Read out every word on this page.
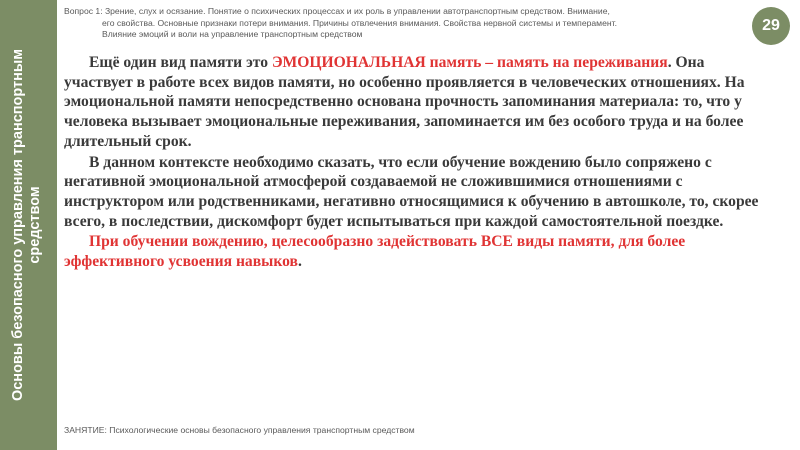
Основы безопасного управления транспортным средством
Вопрос 1: Зрение, слух и осязание. Понятие о психических процессах и их роль в управлении автотранспортным средством. Внимание,
его свойства. Основные признаки потери внимания. Причины отвлечения внимания. Свойства нервной системы и темперамент.
Влияние эмоций и воли на управление транспортным средством
29

Ещё один вид памяти это ЭМОЦИОНАЛЬНАЯ память – память на переживания. Она участвует в работе всех видов памяти, но особенно проявляется в человеческих отношениях. На эмоциональной памяти непосредственно основана прочность запоминания материала: то, что у человека вызывает эмоциональные переживания, запоминается им без особого труда и на более длительный срок.

В данном контексте необходимо сказать, что если обучение вождению было сопряжено с негативной эмоциональной атмосферой создаваемой не сложившимися отношениями с инструктором или родственниками, негативно относящимися к обучению в автошколе, то, скорее всего, в последствии, дискомфорт будет испытываться при каждой самостоятельной поездке.

При обучении вождению, целесообразно задействовать ВСЕ виды памяти, для более эффективного усвоения навыков.

ЗАНЯТИЕ: Психологические основы безопасного управления транспортным средством
